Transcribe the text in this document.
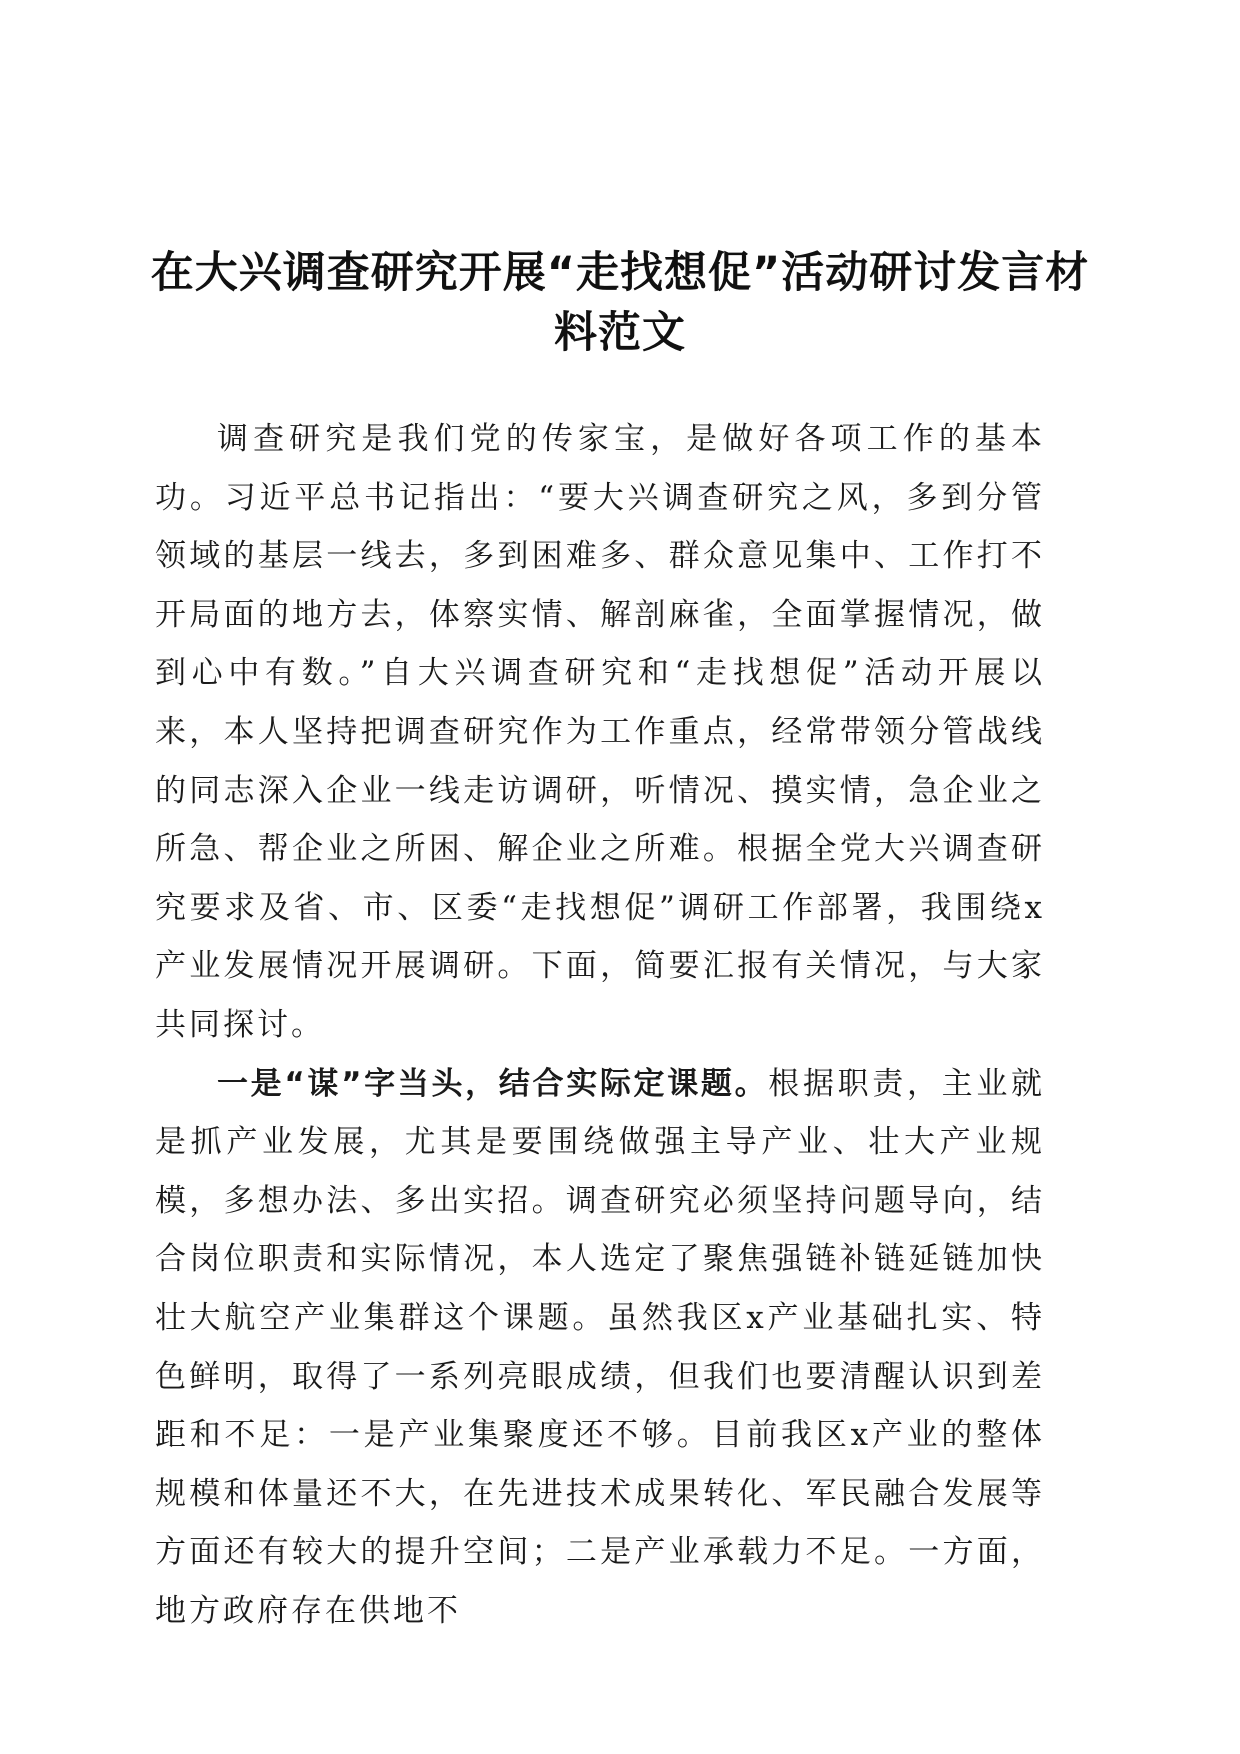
在大兴调查研究开展“走找想促”活动研讨发言材料范文

调查研究是我们党的传家宝，是做好各项工作的基本功。习近平总书记指出：“要大兴调查研究之风，多到分管领域的基层一线去，多到困难多、群众意见集中、工作打不开局面的地方去，体察实情、解剖麻雀，全面掌握情况，做到心中有数。”自大兴调查研究和“走找想促”活动开展以来，本人坚持把调查研究作为工作重点，经常带领分管战线的同志深入企业一线走访调研，听情况、摸实情，急企业之所急、帮企业之所困、解企业之所难。根据全党大兴调查研究要求及省、市、区委“走找想促”调研工作部署，我围绕x产业发展情况开展调研。下面，简要汇报有关情况，与大家共同探讨。

一是“谋”字当头，结合实际定课题。根据职责，主业就是抓产业发展，尤其是要围绕做强主导产业、壮大产业规模，多想办法、多出实招。调查研究必须坚持问题导向，结合岗位职责和实际情况，本人选定了聚焦强链补链延链加快壮大航空产业集群这个课题。虽然我区x产业基础扎实、特色鲜明，取得了一系列亮眼成绩，但我们也要清醒认识到差距和不足：一是产业集聚度还不够。目前我区x产业的整体规模和体量还不大，在先进技术成果转化、军民融合发展等方面还有较大的提升空间；二是产业承载力不足。一方面，地方政府存在供地不
